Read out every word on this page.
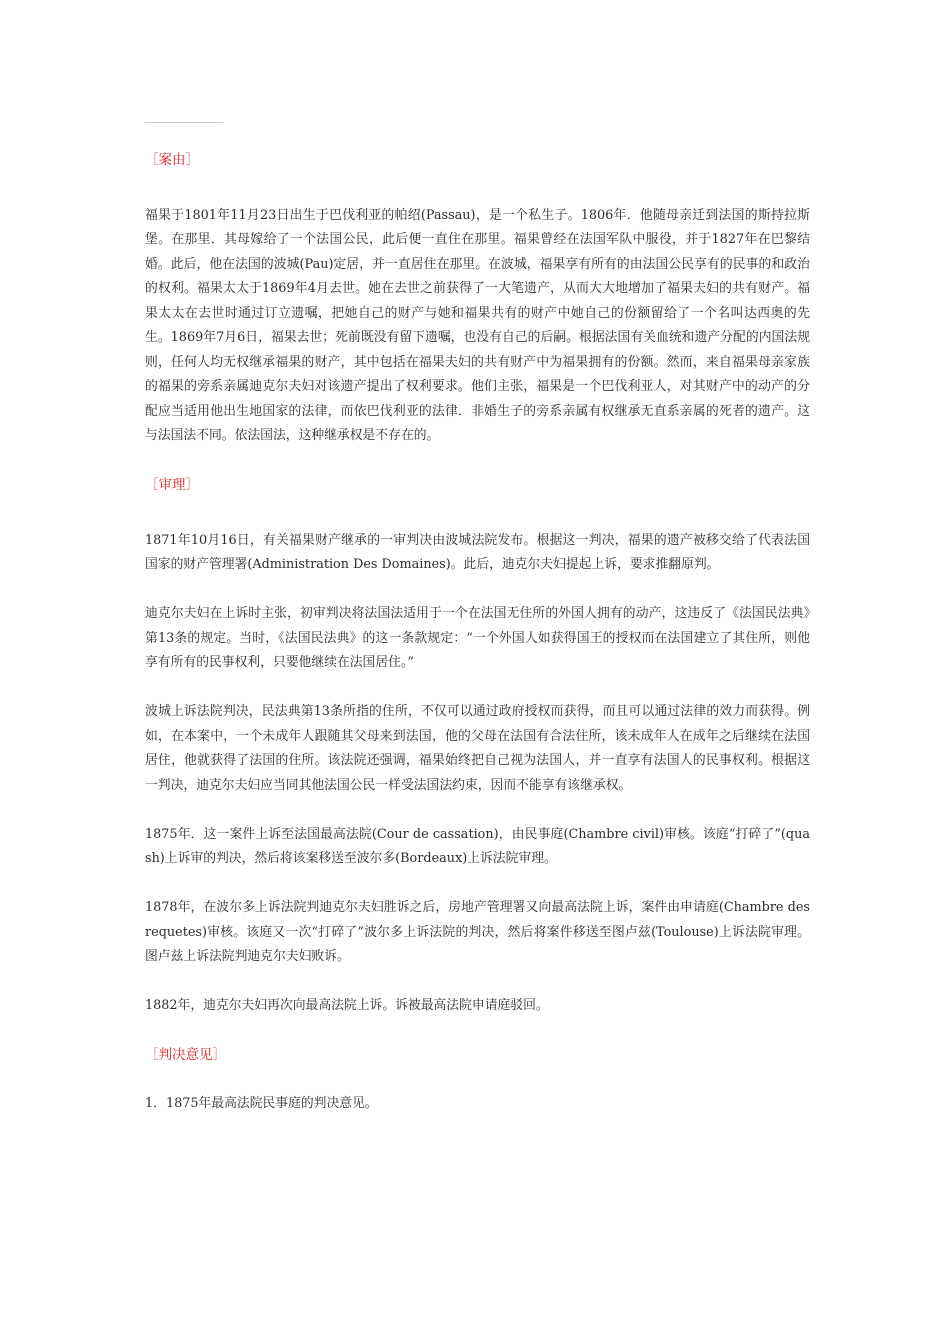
［案由］

福果于1801年11月23日出生于巴伐利亚的帕绍(Passau)，是一个私生子。1806年．他随母亲迁到法国的斯持拉斯堡。在那里．其母嫁给了一个法国公民，此后便一直住在那里。福果曾经在法国军队中服役，并于1827年在巴黎结婚。此后，他在法国的波城(Pau)定居，并一直居住在那里。在波城，福果享有所有的由法国公民享有的民事的和政治的权利。福果太太于1869年4月去世。她在去世之前获得了一大笔遗产，从而大大地增加了福果夫妇的共有财产。福果太太在去世时通过订立遗嘱，把她自己的财产与她和福果共有的财产中她自己的份额留给了一个名叫达西奥的先生。1869年7月6日，福果去世；死前既没有留下遗嘱，也没有自己的后嗣。根据法国有关血统和遗产分配的内国法规则，任何人均无权继承福果的财产，其中包括在福果夫妇的共有财产中为福果拥有的份额。然而，来自福果母亲家族的福果的旁系亲属迪克尔夫妇对该遗产提出了权利要求。他们主张，福果是一个巴伐利亚人，对其财产中的动产的分配应当适用他出生地国家的法律，而依巴伐利亚的法律．非婚生子的旁系亲属有权继承无直系亲属的死者的遗产。这与法国法不同。依法国法，这种继承权是不存在的。

［审理］

1871年10月16日，有关福果财产继承的一审判决由波城法院发布。根据这一判决，福果的遗产被移交给了代表法国国家的财产管理署(Administration Des Domaines)。此后，迪克尔夫妇提起上诉，要求推翻原判。

迪克尔夫妇在上诉时主张，初审判决将法国法适用于一个在法国无住所的外国人拥有的动产，这违反了《法国民法典》第13条的规定。当时，《法国民法典》的这一条款规定：“一个外国人如获得国王的授权而在法国建立了其住所，则他享有所有的民事权利，只要他继续在法国居住。”

波城上诉法院判决，民法典第13条所指的住所，不仅可以通过政府授权而获得，而且可以通过法律的效力而获得。例如，在本案中，一个未成年人跟随其父母来到法国，他的父母在法国有合法住所，该未成年人在成年之后继续在法国居住，他就获得了法国的住所。该法院还强调，福果始终把自己视为法国人，并一直享有法国人的民事权利。根据这一判决，迪克尔夫妇应当同其他法国公民一样受法国法约束，因而不能享有该继承权。

1875年．这一案件上诉至法国最高法院(Cour de cassation)，由民事庭(Chambre civil)审核。该庭“打碎了”(quash)上诉审的判决，然后将该案移送至波尔多(Bordeaux)上诉法院审理。

1878年，在波尔多上诉法院判迪克尔夫妇胜诉之后，房地产管理署又向最高法院上诉，案件由申请庭(Chambre des requetes)审核。该庭又一次“打碎了”波尔多上诉法院的判决，然后将案件移送至图卢兹(Toulouse)上诉法院审理。图卢兹上诉法院判迪克尔夫妇败诉。

1882年，迪克尔夫妇再次向最高法院上诉。诉被最高法院申请庭驳回。

［判决意见］

1．1875年最高法院民事庭的判决意见。
